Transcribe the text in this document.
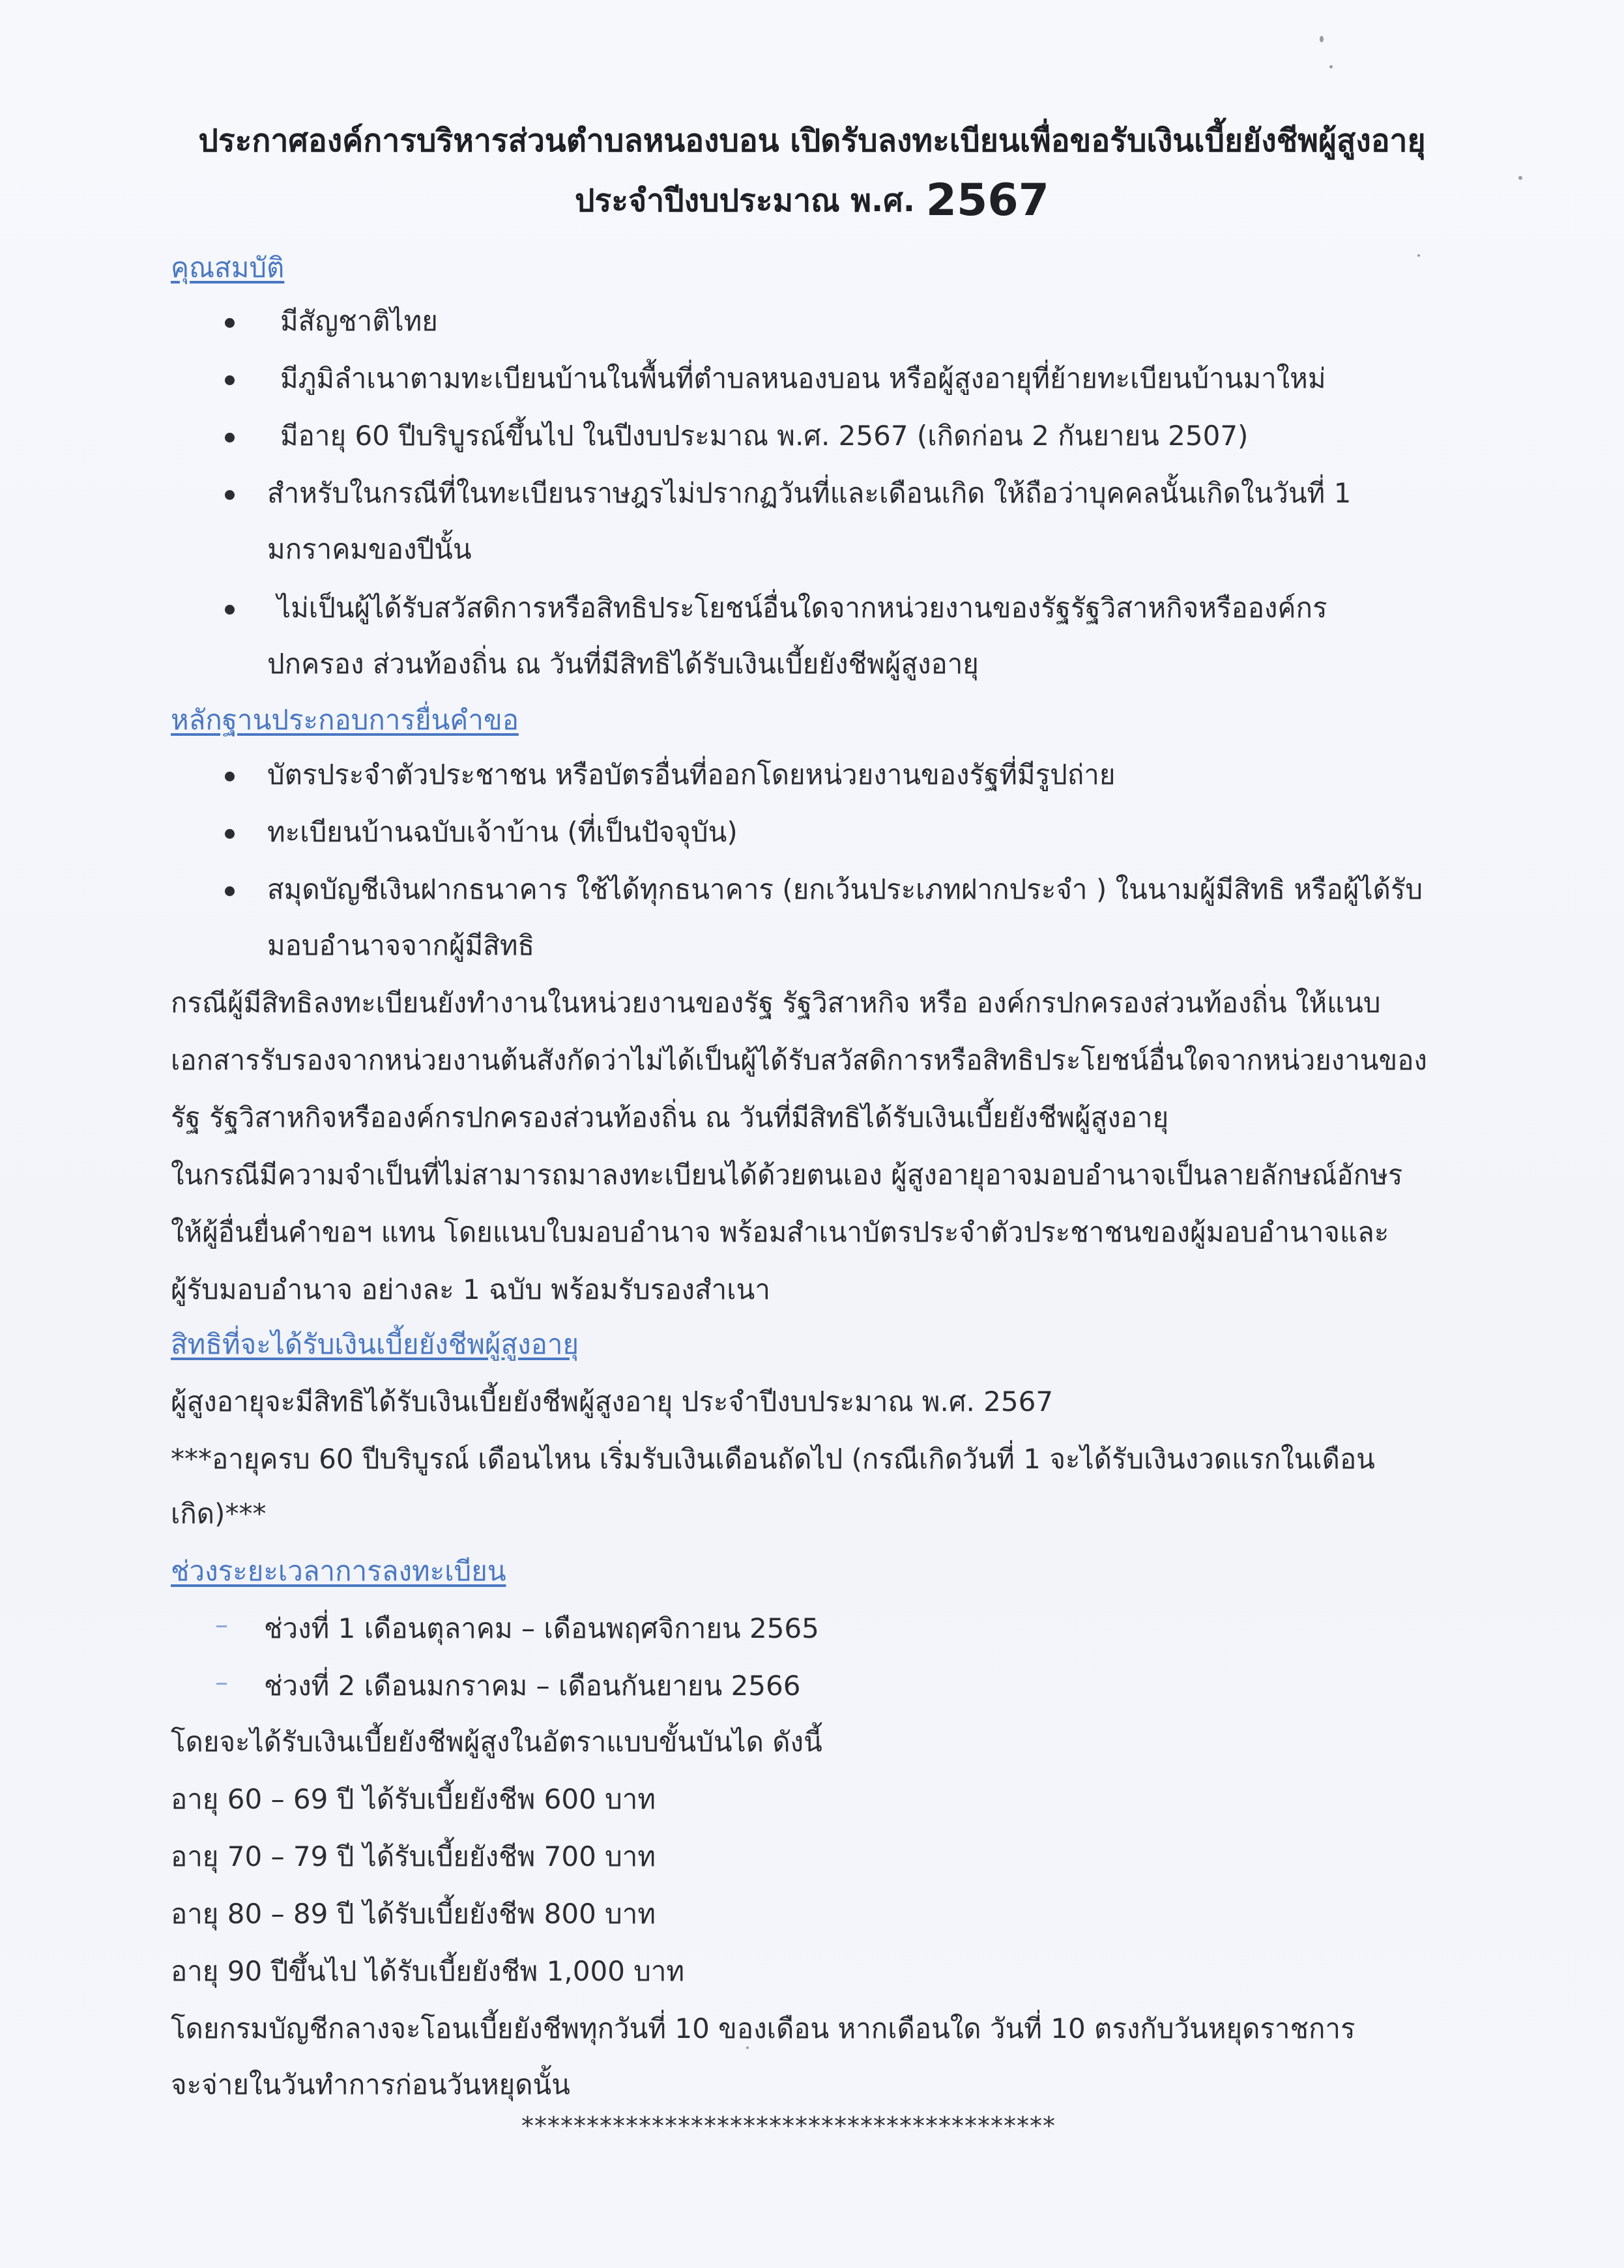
ประกาศองค์การบริหารส่วนตำบลหนองบอน เปิดรับลงทะเบียนเพื่อขอรับเงินเบี้ยยังชีพผู้สูงอายุ
ประจำปีงบประมาณ พ.ศ. 2567
คุณสมบัติ
มีสัญชาติไทย
มีภูมิลำเนาตามทะเบียนบ้านในพื้นที่ตำบลหนองบอน หรือผู้สูงอายุที่ย้ายทะเบียนบ้านมาใหม่
มีอายุ 60 ปีบริบูรณ์ขึ้นไป ในปีงบประมาณ พ.ศ. 2567 (เกิดก่อน 2 กันยายน 2507)
สำหรับในกรณีที่ในทะเบียนราษฎรไม่ปรากฏวันที่และเดือนเกิด ให้ถือว่าบุคคลนั้นเกิดในวันที่ 1
มกราคมของปีนั้น
ไม่เป็นผู้ได้รับสวัสดิการหรือสิทธิประโยชน์อื่นใดจากหน่วยงานของรัฐรัฐวิสาหกิจหรือองค์กร
ปกครอง ส่วนท้องถิ่น ณ วันที่มีสิทธิได้รับเงินเบี้ยยังชีพผู้สูงอายุ
หลักฐานประกอบการยื่นคำขอ
บัตรประจำตัวประชาชน หรือบัตรอื่นที่ออกโดยหน่วยงานของรัฐที่มีรูปถ่าย
ทะเบียนบ้านฉบับเจ้าบ้าน (ที่เป็นปัจจุบัน)
สมุดบัญชีเงินฝากธนาคาร ใช้ได้ทุกธนาคาร (ยกเว้นประเภทฝากประจำ ) ในนามผู้มีสิทธิ หรือผู้ได้รับ
มอบอำนาจจากผู้มีสิทธิ
กรณีผู้มีสิทธิลงทะเบียนยังทำงานในหน่วยงานของรัฐ รัฐวิสาหกิจ หรือ องค์กรปกครองส่วนท้องถิ่น ให้แนบ
เอกสารรับรองจากหน่วยงานต้นสังกัดว่าไม่ได้เป็นผู้ได้รับสวัสดิการหรือสิทธิประโยชน์อื่นใดจากหน่วยงานของ
รัฐ รัฐวิสาหกิจหรือองค์กรปกครองส่วนท้องถิ่น ณ วันที่มีสิทธิได้รับเงินเบี้ยยังชีพผู้สูงอายุ
ในกรณีมีความจำเป็นที่ไม่สามารถมาลงทะเบียนได้ด้วยตนเอง ผู้สูงอายุอาจมอบอำนาจเป็นลายลักษณ์อักษร
ให้ผู้อื่นยื่นคำขอฯ แทน โดยแนบใบมอบอำนาจ พร้อมสำเนาบัตรประจำตัวประชาชนของผู้มอบอำนาจและ
ผู้รับมอบอำนาจ อย่างละ 1 ฉบับ พร้อมรับรองสำเนา
สิทธิที่จะได้รับเงินเบี้ยยังชีพผู้สูงอายุ
ผู้สูงอายุจะมีสิทธิได้รับเงินเบี้ยยังชีพผู้สูงอายุ ประจำปีงบประมาณ พ.ศ. 2567
***อายุครบ 60 ปีบริบูรณ์ เดือนไหน เริ่มรับเงินเดือนถัดไป (กรณีเกิดวันที่ 1 จะได้รับเงินงวดแรกในเดือน
เกิด)***
ช่วงระยะเวลาการลงทะเบียน
ช่วงที่ 1 เดือนตุลาคม – เดือนพฤศจิกายน 2565
ช่วงที่ 2 เดือนมกราคม – เดือนกันยายน 2566
โดยจะได้รับเงินเบี้ยยังชีพผู้สูงในอัตราแบบขั้นบันได ดังนี้
อายุ 60 – 69 ปี ได้รับเบี้ยยังชีพ 600 บาท
อายุ 70 – 79 ปี ได้รับเบี้ยยังชีพ 700 บาท
อายุ 80 – 89 ปี ได้รับเบี้ยยังชีพ 800 บาท
อายุ 90 ปีขึ้นไป ได้รับเบี้ยยังชีพ 1,000 บาท
โดยกรมบัญชีกลางจะโอนเบี้ยยังชีพทุกวันที่ 10 ของเดือน หากเดือนใด วันที่ 10 ตรงกับวันหยุดราชการ
จะจ่ายในวันทำการก่อนวันหยุดนั้น
*****************************************
